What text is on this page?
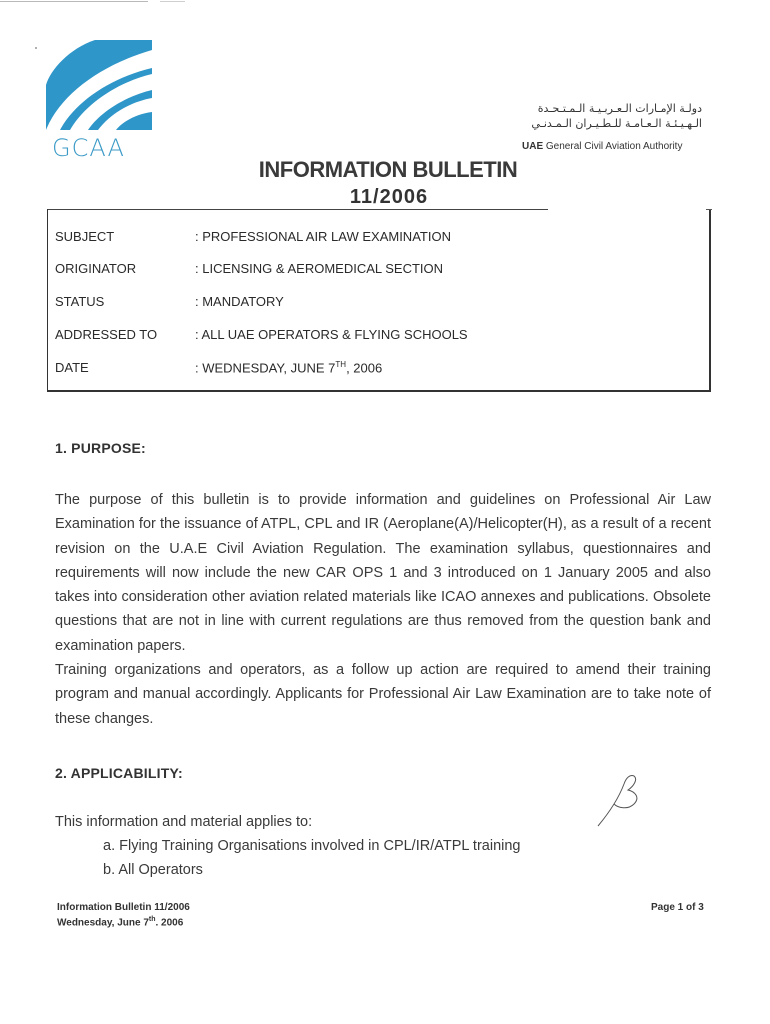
GCAA
دولـة الإمـارات الـعـربـيـة الـمـتـحـدة
الـهـيـئـة الـعـامـة للـطـيـران الـمـدنـي
UAE General Civil Aviation Authority
INFORMATION BULLETIN
11/2006
SUBJECT	: PROFESSIONAL AIR LAW EXAMINATION
ORIGINATOR	: LICENSING & AEROMEDICAL SECTION
STATUS	: MANDATORY
ADDRESSED TO	: ALL UAE OPERATORS & FLYING SCHOOLS
DATE	: WEDNESDAY, JUNE 7TH, 2006
1. PURPOSE:

The purpose of this bulletin is to provide information and guidelines on Professional Air Law Examination for the issuance of ATPL, CPL and IR (Aeroplane(A)/Helicopter(H), as a result of a recent revision on the U.A.E Civil Aviation Regulation. The examination syllabus, questionnaires and requirements will now include the new CAR OPS 1 and 3 introduced on 1 January 2005 and also takes into consideration other aviation related materials like ICAO annexes and publications. Obsolete questions that are not in line with current regulations are thus removed from the question bank and examination papers.

Training organizations and operators, as a follow up action are required to amend their training program and manual accordingly. Applicants for Professional Air Law Examination are to take note of these changes.

2. APPLICABILITY:
This information and material applies to:
a. Flying Training Organisations involved in CPL/IR/ATPL training
b. All Operators
Information Bulletin 11/2006
Wednesday, June 7th. 2006
Page 1 of 3
